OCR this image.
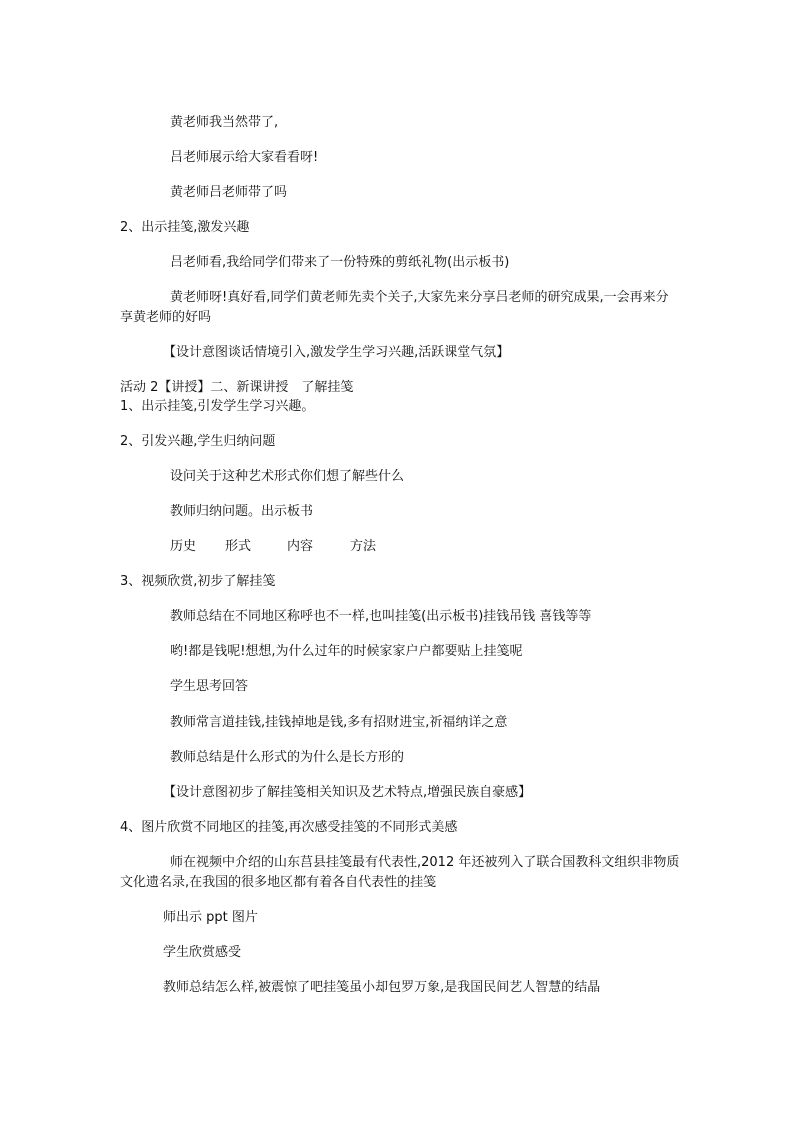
黄老师我当然带了,
吕老师展示给大家看看呀!
黄老师吕老师带了吗
2、出示挂笺,激发兴趣
吕老师看,我给同学们带来了一份特殊的剪纸礼物(出示板书)
黄老师呀!真好看,同学们黄老师先卖个关子,大家先来分享吕老师的研究成果,一会再来分享黄老师的好吗
【设计意图谈话情境引入,激发学生学习兴趣,活跃课堂气氛】
活动 2【讲授】二、新课讲授　了解挂笺
1、出示挂笺,引发学生学习兴趣。
2、引发兴趣,学生归纳问题
设问关于这种艺术形式你们想了解些什么
教师归纳问题。出示板书
历史 形式	内容	方法
3、视频欣赏,初步了解挂笺
教师总结在不同地区称呼也不一样,也叫挂笺(出示板书)挂钱吊钱 喜钱等等
哟!都是钱呢!想想,为什么过年的时候家家户户都要贴上挂笺呢
学生思考回答
教师常言道挂钱,挂钱掉地是钱,多有招财进宝,祈福纳详之意
教师总结是什么形式的为什么是长方形的
【设计意图初步了解挂笺相关知识及艺术特点,增强民族自豪感】
4、图片欣赏不同地区的挂笺,再次感受挂笺的不同形式美感
师在视频中介绍的山东莒县挂笺最有代表性,2012 年还被列入了联合国教科文组织非物质文化遗名录,在我国的很多地区都有着各自代表性的挂笺
师出示 ppt 图片
学生欣赏感受
教师总结怎么样,被震惊了吧挂笺虽小却包罗万象,是我国民间艺人智慧的结晶
